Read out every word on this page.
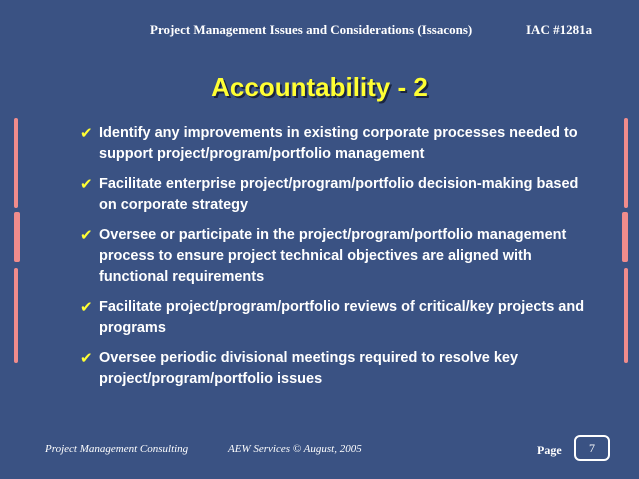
Project Management Issues and Considerations (Issacons)	IAC #1281a
Accountability - 2
✔ Identify any improvements in existing corporate processes needed to support project/program/portfolio management
✔ Facilitate enterprise project/program/portfolio decision-making based on corporate strategy
✔ Oversee or participate in the project/program/portfolio management process to ensure project technical objectives are aligned with functional requirements
✔ Facilitate project/program/portfolio reviews of critical/key projects and programs
✔ Oversee periodic divisional meetings required to resolve key project/program/portfolio issues
Project Management Consulting	AEW Services © August, 2005	Page	7
